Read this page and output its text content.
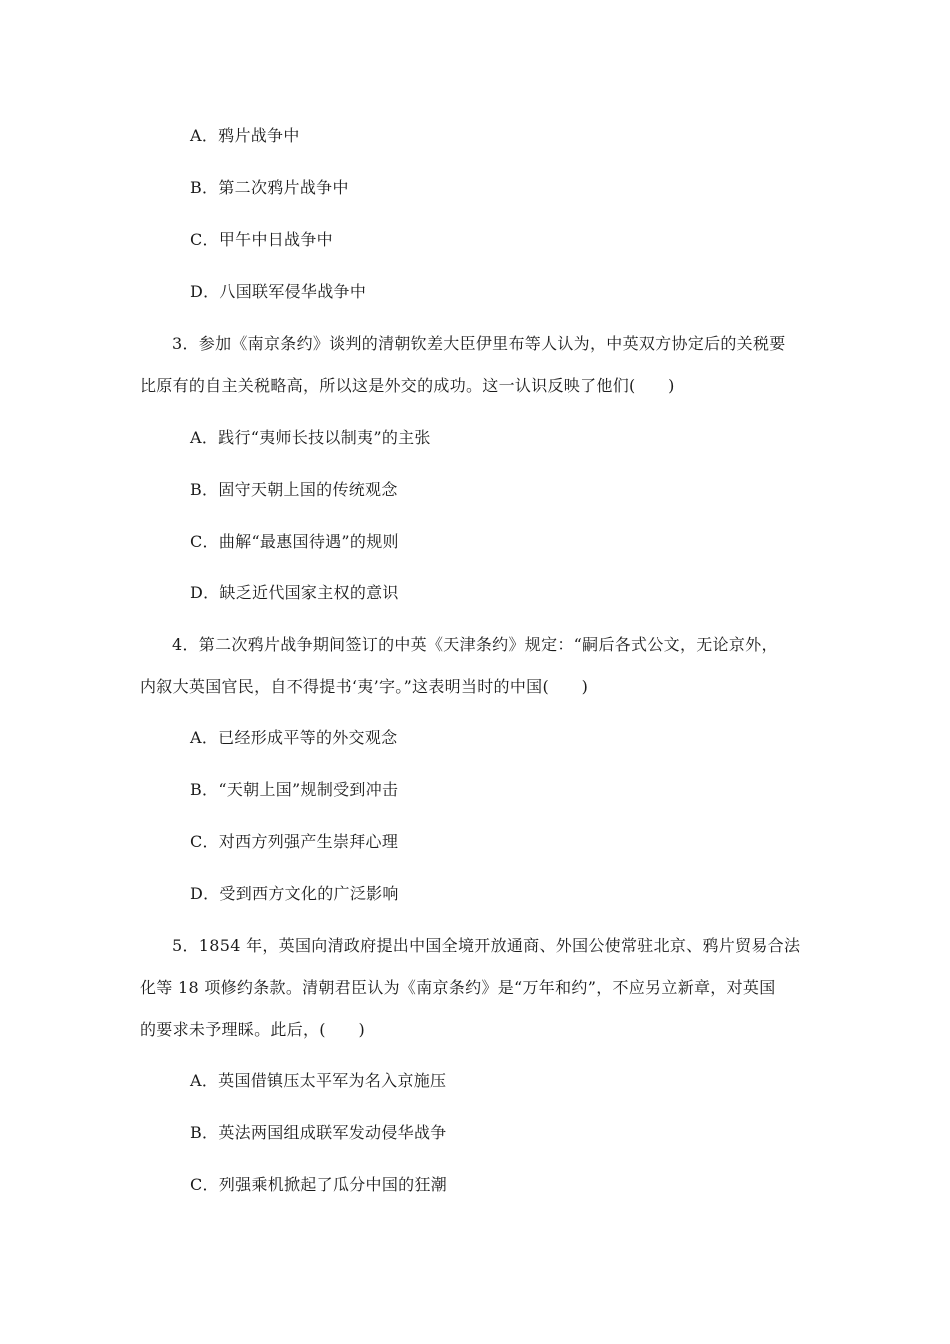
A．鸦片战争中
B．第二次鸦片战争中
C．甲午中日战争中
D．八国联军侵华战争中
3．参加《南京条约》谈判的清朝钦差大臣伊里布等人认为，中英双方协定后的关税要
比原有的自主关税略高，所以这是外交的成功。这一认识反映了他们(　　)
A．践行“夷师长技以制夷”的主张
B．固守天朝上国的传统观念
C．曲解“最惠国待遇”的规则
D．缺乏近代国家主权的意识
4．第二次鸦片战争期间签订的中英《天津条约》规定：“嗣后各式公文，无论京外，
内叙大英国官民，自不得提书‘夷’字。”这表明当时的中国(　　)
A．已经形成平等的外交观念
B．“天朝上国”规制受到冲击
C．对西方列强产生崇拜心理
D．受到西方文化的广泛影响
5．1854 年，英国向清政府提出中国全境开放通商、外国公使常驻北京、鸦片贸易合法
化等 18 项修约条款。清朝君臣认为《南京条约》是“万年和约”，不应另立新章，对英国
的要求未予理睬。此后，(　　)
A．英国借镇压太平军为名入京施压
B．英法两国组成联军发动侵华战争
C．列强乘机掀起了瓜分中国的狂潮
